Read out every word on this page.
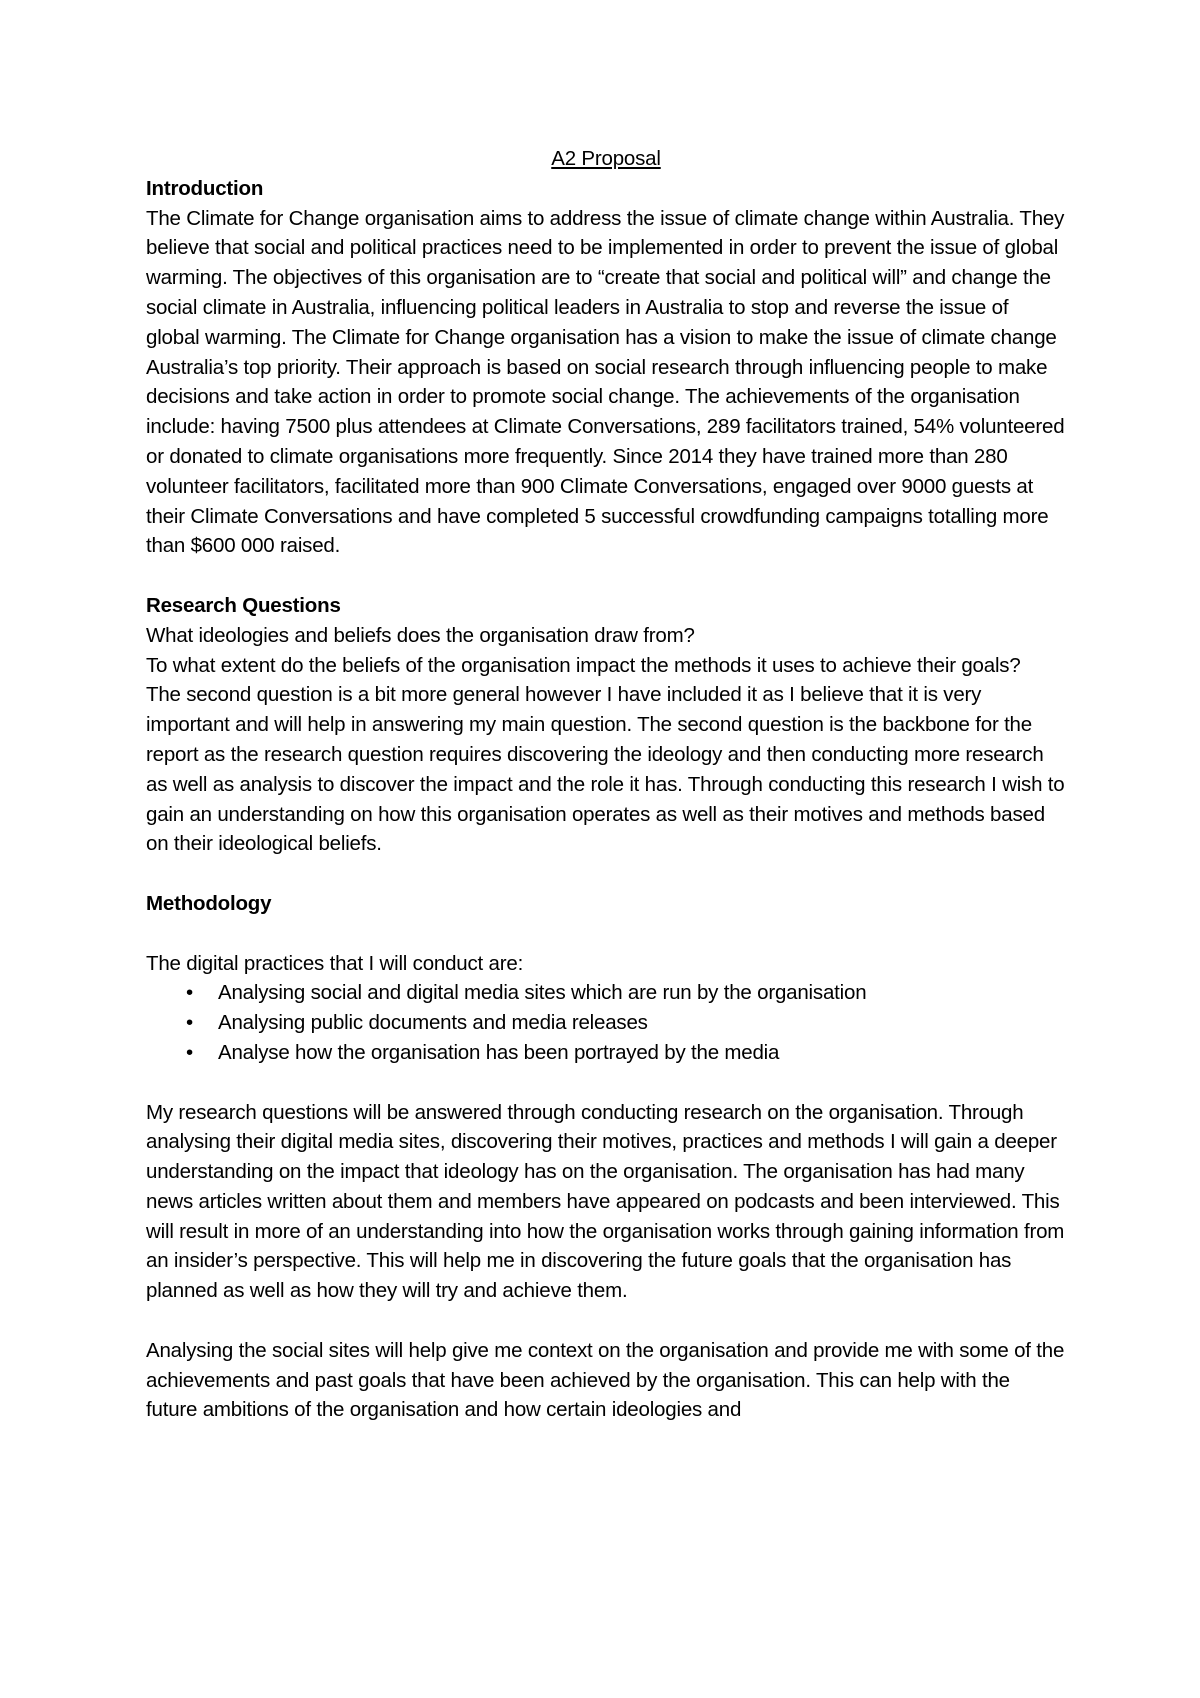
A2 Proposal
Introduction

The Climate for Change organisation aims to address the issue of climate change within Australia. They believe that social and political practices need to be implemented in order to prevent the issue of global warming. The objectives of this organisation are to “create that social and political will” and change the social climate in Australia, influencing political leaders in Australia to stop and reverse the issue of global warming. The Climate for Change organisation has a vision to make the issue of climate change Australia’s top priority. Their approach is based on social research through influencing people to make decisions and take action in order to promote social change. The achievements of the organisation include: having 7500 plus attendees at Climate Conversations, 289 facilitators trained, 54% volunteered or donated to climate organisations more frequently. Since 2014 they have trained more than 280 volunteer facilitators, facilitated more than 900 Climate Conversations, engaged over 9000 guests at their Climate Conversations and have completed 5 successful crowdfunding campaigns totalling more than $600 000 raised.

Research Questions

What ideologies and beliefs does the organisation draw from?

To what extent do the beliefs of the organisation impact the methods it uses to achieve their goals?

The second question is a bit more general however I have included it as I believe that it is very important and will help in answering my main question. The second question is the backbone for the report as the research question requires discovering the ideology and then conducting more research as well as analysis to discover the impact and the role it has. Through conducting this research I wish to gain an understanding on how this organisation operates as well as their motives and methods based on their ideological beliefs.

Methodology

The digital practices that I will conduct are:

• Analysing social and digital media sites which are run by the organisation
• Analysing public documents and media releases
• Analyse how the organisation has been portrayed by the media

My research questions will be answered through conducting research on the organisation. Through analysing their digital media sites, discovering their motives, practices and methods I will gain a deeper understanding on the impact that ideology has on the organisation. The organisation has had many news articles written about them and members have appeared on podcasts and been interviewed. This will result in more of an understanding into how the organisation works through gaining information from an insider’s perspective. This will help me in discovering the future goals that the organisation has planned as well as how they will try and achieve them.

Analysing the social sites will help give me context on the organisation and provide me with some of the achievements and past goals that have been achieved by the organisation. This can help with the future ambitions of the organisation and how certain ideologies and
